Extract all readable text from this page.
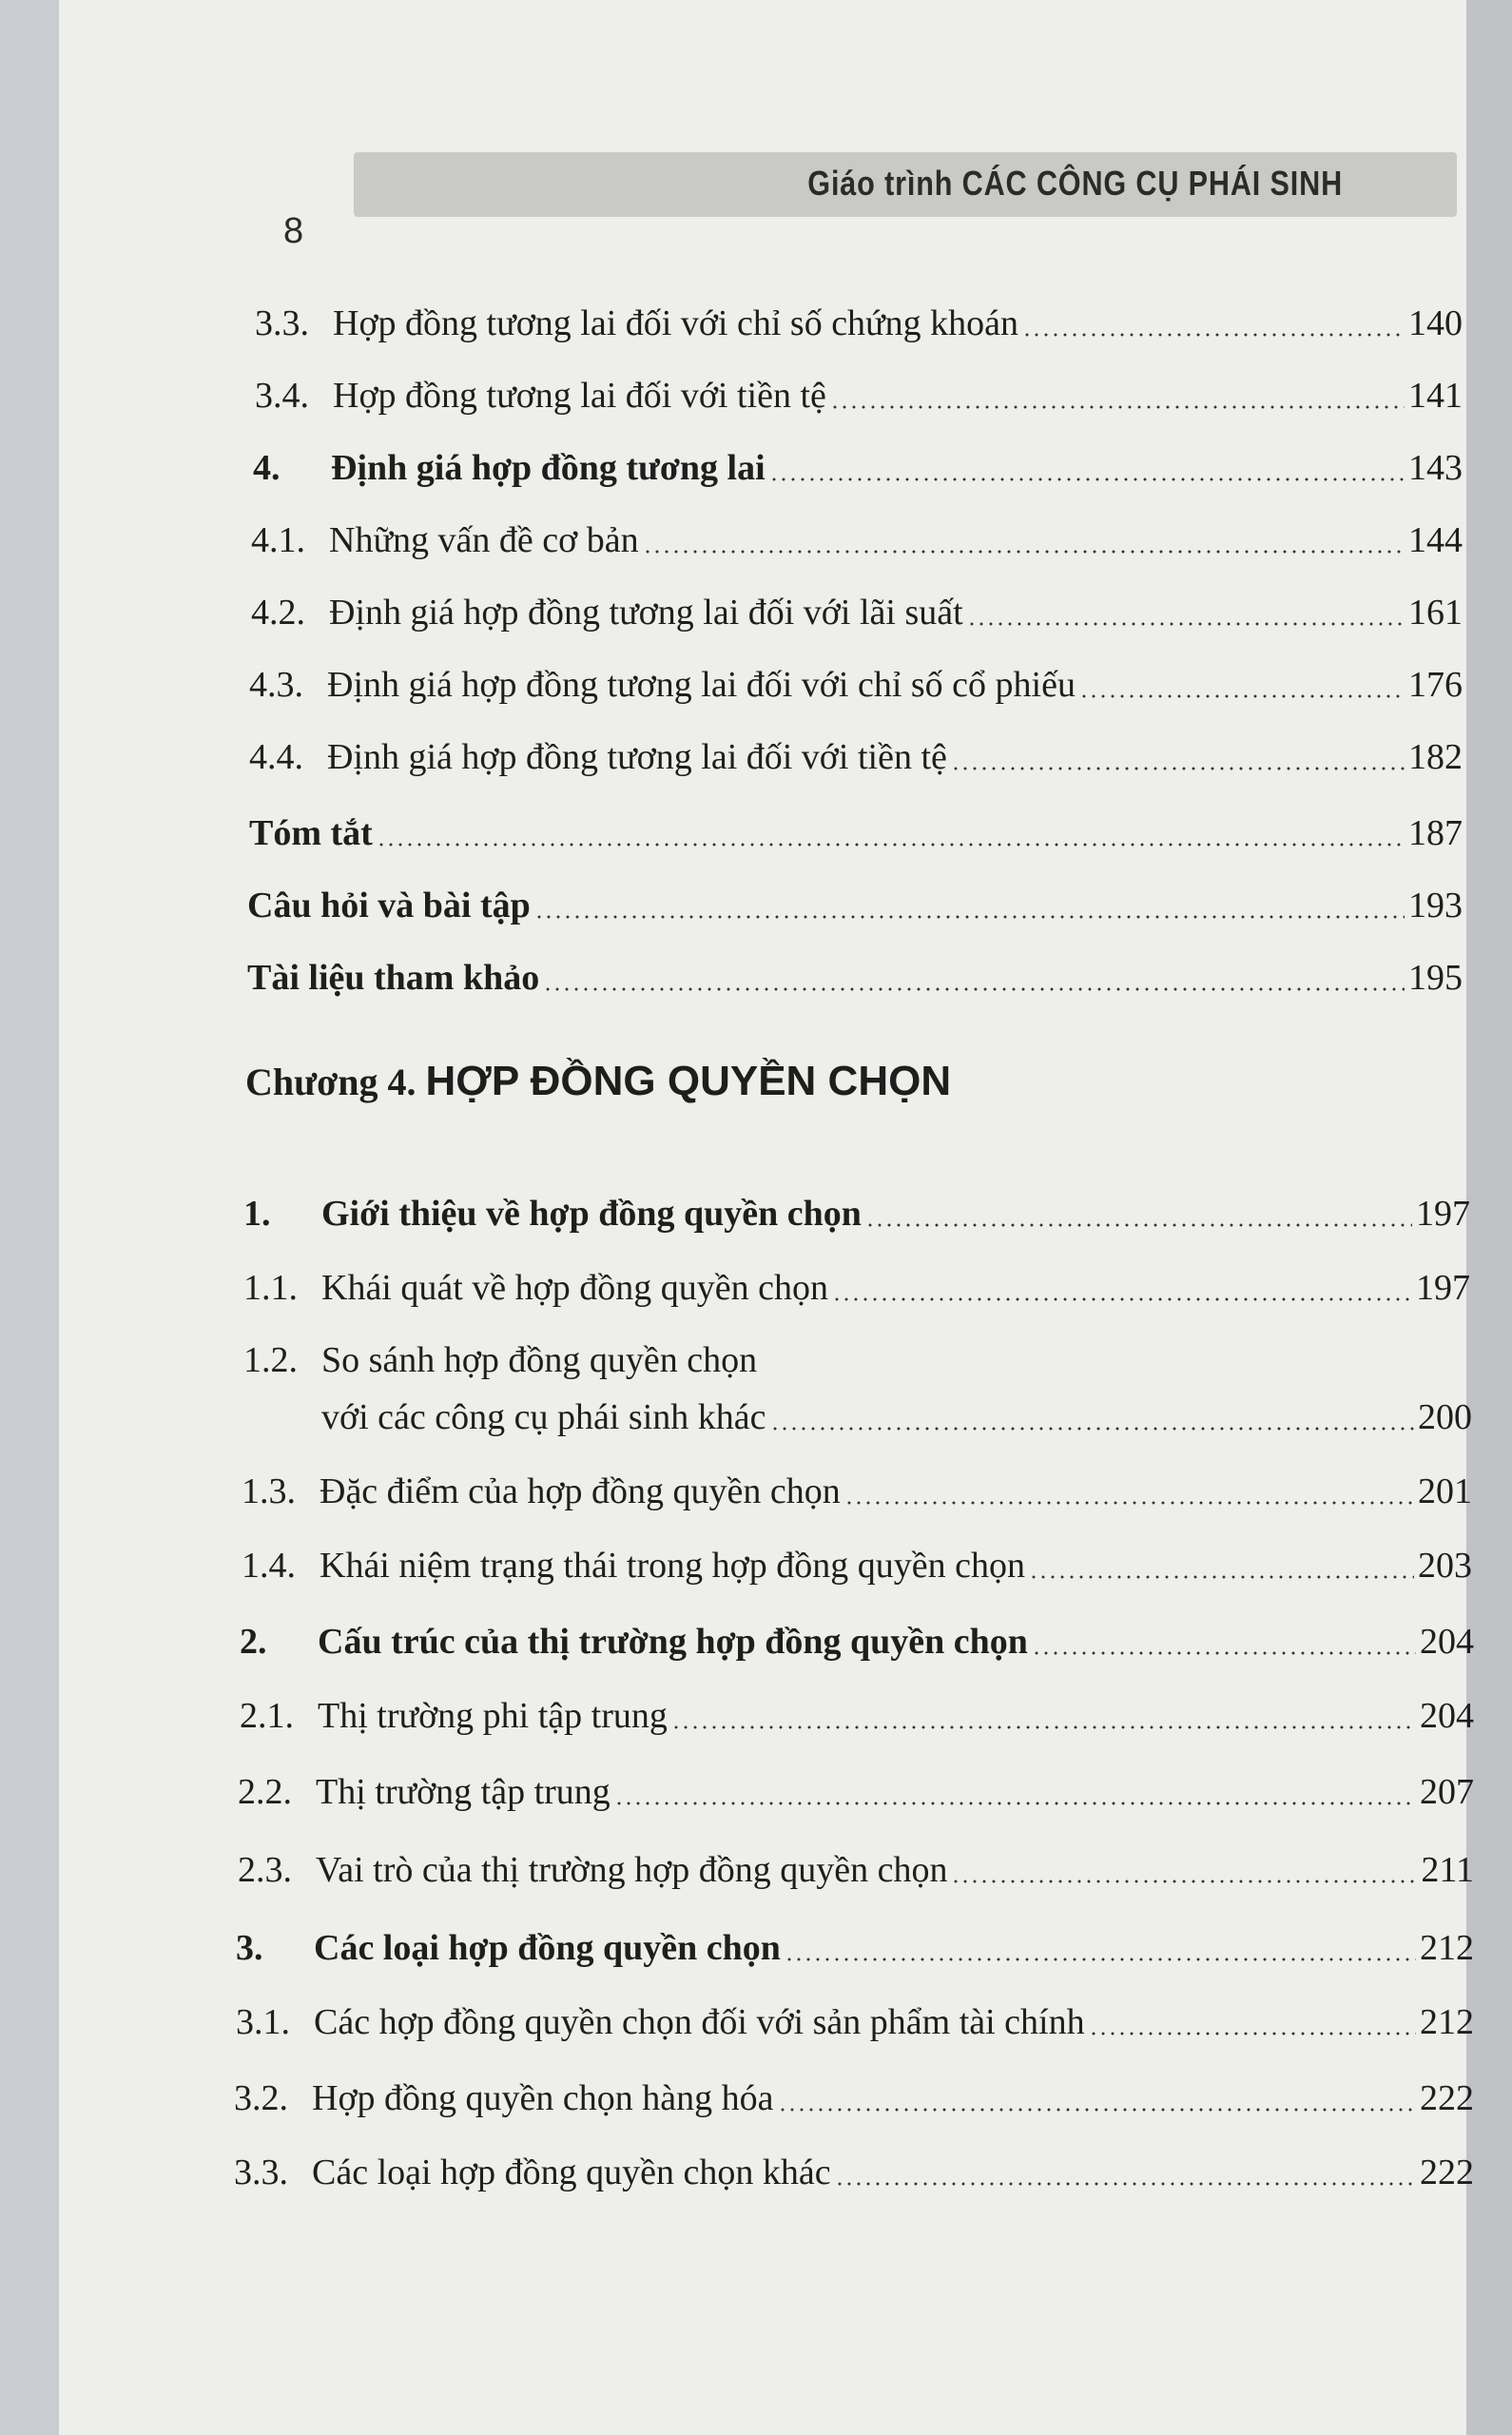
Giáo trình CÁC CÔNG CỤ PHÁI SINH
8
3.3. Hợp đồng tương lai đối với chỉ số chứng khoán	140
3.4. Hợp đồng tương lai đối với tiền tệ	141
4.	Định giá hợp đồng tương lai	143
4.1. Những vấn đề cơ bản	144
4.2. Định giá hợp đồng tương lai đối với lãi suất	161
4.3. Định giá hợp đồng tương lai đối với chỉ số cổ phiếu	176
4.4. Định giá hợp đồng tương lai đối với tiền tệ	182
Tóm tắt	187
Câu hỏi và bài tập	193
Tài liệu tham khảo	195
Chương 4. HỢP ĐỒNG QUYỀN CHỌN
1.	Giới thiệu về hợp đồng quyền chọn	197
1.1. Khái quát về hợp đồng quyền chọn	197
1.2. So sánh hợp đồng quyền chọn
với các công cụ phái sinh khác	200
1.3. Đặc điểm của hợp đồng quyền chọn	201
1.4. Khái niệm trạng thái trong hợp đồng quyền chọn	203
2.	Cấu trúc của thị trường hợp đồng quyền chọn	204
2.1. Thị trường phi tập trung	204
2.2. Thị trường tập trung	207
2.3. Vai trò của thị trường hợp đồng quyền chọn	211
3.	Các loại hợp đồng quyền chọn	212
3.1. Các hợp đồng quyền chọn đối với sản phẩm tài chính	212
3.2. Hợp đồng quyền chọn hàng hóa	222
3.3. Các loại hợp đồng quyền chọn khác	222
